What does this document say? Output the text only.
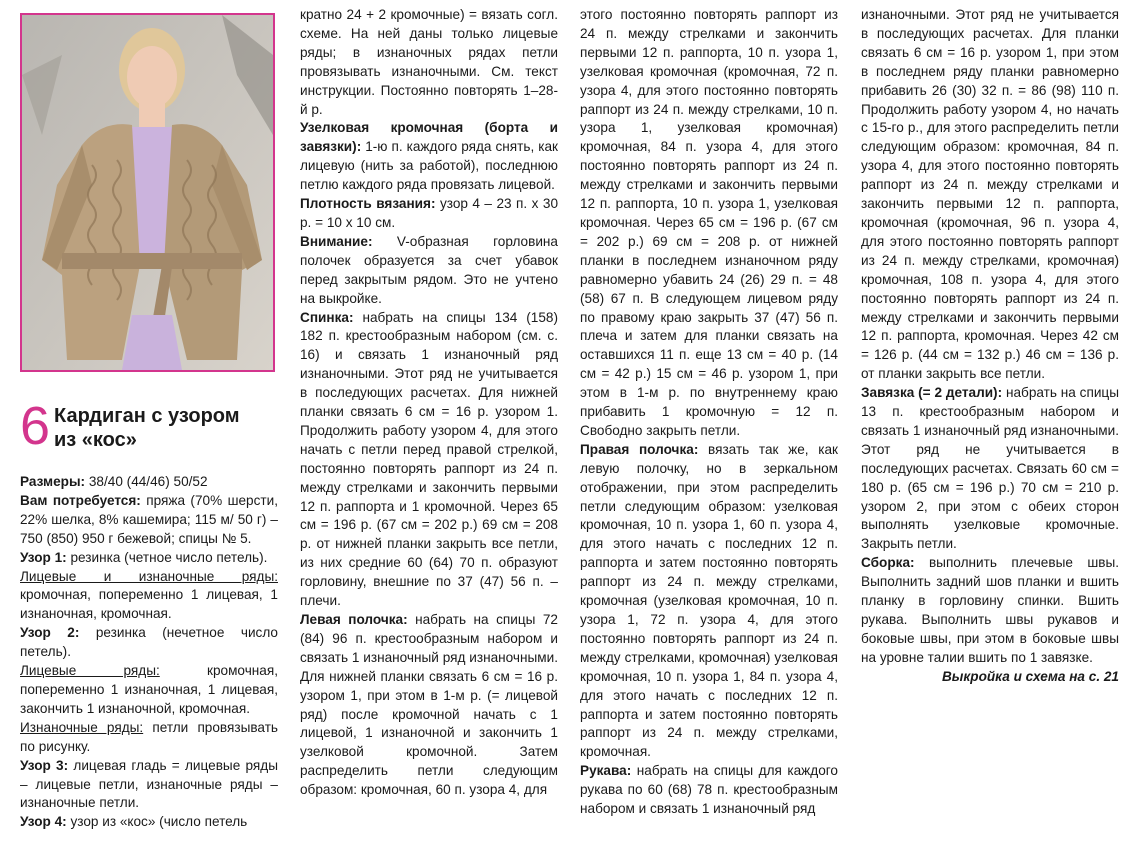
6 Кардиган с узором
из «кос»

Размеры: 38/40 (44/46) 50/52

Вам потребуется: пряжа (70% шерсти, 22% шелка, 8% кашемира; 115 м/ 50 г) – 750 (850) 950 г бежевой; спицы № 5.

Узор 1: резинка (четное число петель).

Лицевые и изнаночные ряды: кромочная, попеременно 1 лицевая, 1 изнаночная, кромочная.

Узор 2: резинка (нечетное число петель).

Лицевые ряды: кромочная, попеременно 1 изнаночная, 1 лицевая, закончить 1 изнаночной, кромочная.

Изнаночные ряды: петли провязывать по рисунку.

Узор 3: лицевая гладь = лицевые ряды – лицевые петли, изнаночные ряды – изнаночные петли.

Узор 4: узор из «кос» (число петель

кратно 24 + 2 кромочные) = вязать согл. схеме. На ней даны только лицевые ряды; в изнаночных рядах петли провязывать изнаночными. См. текст инструкции. Постоянно повторять 1–28-й р.

Узелковая кромочная (борта и завязки): 1-ю п. каждого ряда снять, как лицевую (нить за работой), последнюю петлю каждого ряда провязать лицевой.

Плотность вязания: узор 4 – 23 п. х 30 р. = 10 х 10 см.

Внимание: V-образная горловина полочек образуется за счет убавок перед закрытым рядом. Это не учтено на выкройке.

Спинка: набрать на спицы 134 (158) 182 п. крестообразным набором (см. с. 16) и связать 1 изнаночный ряд изнаночными. Этот ряд не учитывается в последующих расчетах. Для нижней планки связать 6 см = 16 р. узором 1. Продолжить работу узором 4, для этого начать с петли перед правой стрелкой, постоянно повторять раппорт из 24 п. между стрелками и закончить первыми 12 п. раппорта и 1 кромочной. Через 65 см = 196 р. (67 см = 202 р.) 69 см = 208 р. от нижней планки закрыть все петли, из них средние 60 (64) 70 п. образуют горловину, внешние по 37 (47) 56 п. – плечи.

Левая полочка: набрать на спицы 72 (84) 96 п. крестообразным набором и связать 1 изнаночный ряд изнаночными. Для нижней планки связать 6 см = 16 р. узором 1, при этом в 1-м р. (= лицевой ряд) после кромочной начать с 1 лицевой, 1 изнаночной и закончить 1 узелковой кромочной. Затем распределить петли следующим образом: кромочная, 60 п. узора 4, для

этого постоянно повторять раппорт из 24 п. между стрелками и закончить первыми 12 п. раппорта, 10 п. узора 1, узелковая кромочная (кромочная, 72 п. узора 4, для этого постоянно повторять раппорт из 24 п. между стрелками, 10 п. узора 1, узелковая кромочная) кромочная, 84 п. узора 4, для этого постоянно повторять раппорт из 24 п. между стрелками и закончить первыми 12 п. раппорта, 10 п. узора 1, узелковая кромочная. Через 65 см = 196 р. (67 см = 202 р.) 69 см = 208 р. от нижней планки в последнем изнаночном ряду равномерно убавить 24 (26) 29 п. = 48 (58) 67 п. В следующем лицевом ряду по правому краю закрыть 37 (47) 56 п. плеча и затем для планки связать на оставшихся 11 п. еще 13 см = 40 р. (14 см = 42 р.) 15 см = 46 р. узором 1, при этом в 1-м р. по внутреннему краю прибавить 1 кромочную = 12 п. Свободно закрыть петли.

Правая полочка: вязать так же, как левую полочку, но в зеркальном отображении, при этом распределить петли следующим образом: узелковая кромочная, 10 п. узора 1, 60 п. узора 4, для этого начать с последних 12 п. раппорта и затем постоянно повторять раппорт из 24 п. между стрелками, кромочная (узелковая кромочная, 10 п. узора 1, 72 п. узора 4, для этого постоянно повторять раппорт из 24 п. между стрелками, кромочная) узелковая кромочная, 10 п. узора 1, 84 п. узора 4, для этого начать с последних 12 п. раппорта и затем постоянно повторять раппорт из 24 п. между стрелками, кромочная.

Рукава: набрать на спицы для каждого рукава по 60 (68) 78 п. крестообразным набором и связать 1 изнаночный ряд

изнаночными. Этот ряд не учитывается в последующих расчетах. Для планки связать 6 см = 16 р. узором 1, при этом в последнем ряду планки равномерно прибавить 26 (30) 32 п. = 86 (98) 110 п. Продолжить работу узором 4, но начать с 15-го р., для этого распределить петли следующим образом: кромочная, 84 п. узора 4, для этого постоянно повторять раппорт из 24 п. между стрелками и закончить первыми 12 п. раппорта, кромочная (кромочная, 96 п. узора 4, для этого постоянно повторять раппорт из 24 п. между стрелками, кромочная) кромочная, 108 п. узора 4, для этого постоянно повторять раппорт из 24 п. между стрелками и закончить первыми 12 п. раппорта, кромочная. Через 42 см = 126 р. (44 см = 132 р.) 46 см = 136 р. от планки закрыть все петли.

Завязка (= 2 детали): набрать на спицы 13 п. крестообразным набором и связать 1 изнаночный ряд изнаночными. Этот ряд не учитывается в последующих расчетах. Связать 60 см = 180 р. (65 см = 196 р.) 70 см = 210 р. узором 2, при этом с обеих сторон выполнять узелковые кромочные. Закрыть петли.

Сборка: выполнить плечевые швы. Выполнить задний шов планки и вшить планку в горловину спинки. Вшить рукава. Выполнить швы рукавов и боковые швы, при этом в боковые швы на уровне талии вшить по 1 завязке.

Выкройка и схема на с. 21
